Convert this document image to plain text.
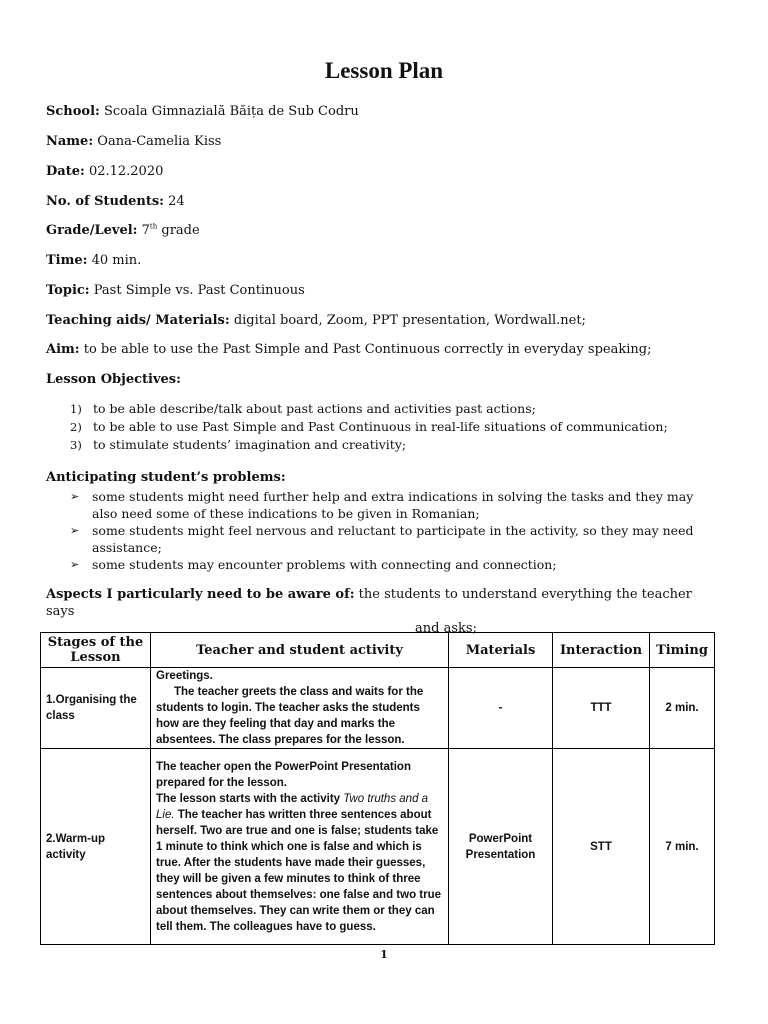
Lesson Plan
School: Scoala Gimnazială Băița de Sub Codru
Name: Oana-Camelia Kiss
Date: 02.12.2020
No. of Students: 24
Grade/Level: 7th grade
Time: 40 min.
Topic: Past Simple vs. Past Continuous
Teaching aids/ Materials: digital board, Zoom, PPT presentation, Wordwall.net;
Aim: to be able to use the Past Simple and Past Continuous correctly in everyday speaking;
Lesson Objectives:
1) to be able describe/talk about past actions and activities past actions;
2) to be able to use Past Simple and Past Continuous in real-life situations of communication;
3) to stimulate students’ imagination and creativity;
Anticipating student’s problems:
➢ some students might need further help and extra indications in solving the tasks and they may also need some of these indications to be given in Romanian;
➢ some students might feel nervous and reluctant to participate in the activity, so they may need assistance;
➢ some students may encounter problems with connecting and connection;
Aspects I particularly need to be aware of: the students to understand everything the teacher says
and asks;
Stages of the Lesson	Teacher and student activity	Materials	Interaction	Timing
1.Organising the class	Greetings.
The teacher greets the class and waits for the students to login. The teacher asks the students how are they feeling that day and marks the absentees. The class prepares for the lesson.	-	TTT	2 min.
2.Warm-up activity	The teacher open the PowerPoint Presentation prepared for the lesson.
The lesson starts with the activity Two truths and a Lie. The teacher has written three sentences about herself. Two are true and one is false; students take 1 minute to think which one is false and which is true. After the students have made their guesses, they will be given a few minutes to think of three sentences about themselves: one false and two true about themselves. They can write them or they can tell them. The colleagues have to guess.	PowerPoint Presentation	STT	7 min.
1
